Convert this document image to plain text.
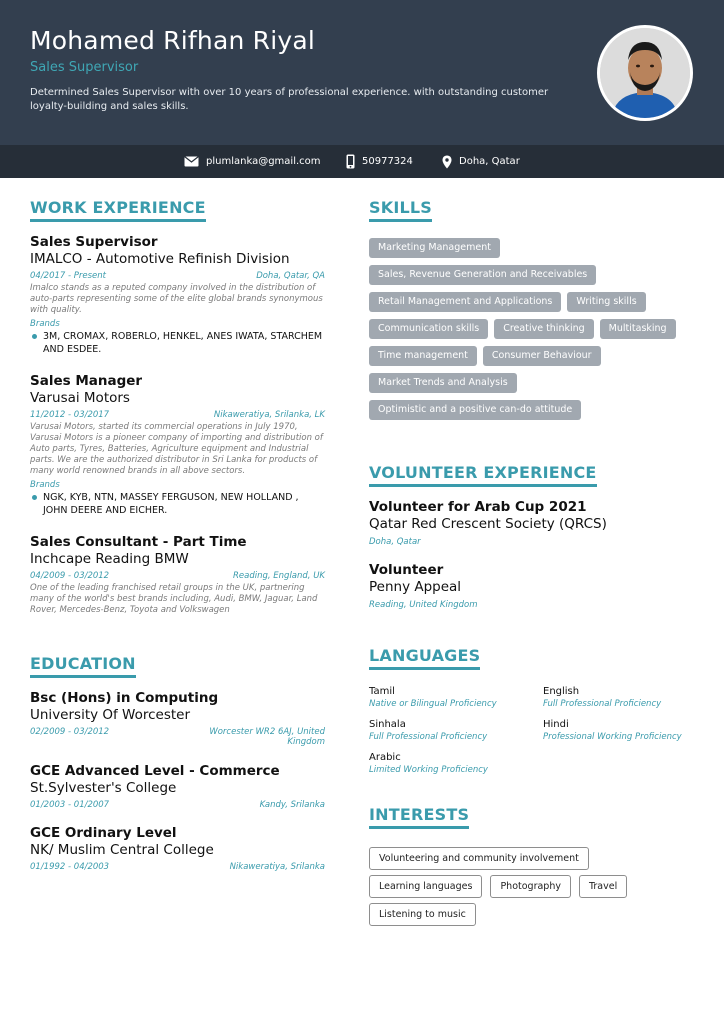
Mohamed Rifhan Riyal
Sales Supervisor
Determined Sales Supervisor with over 10 years of professional experience. with outstanding customer loyalty-building and sales skills.
plumlanka@gmail.com	50977324	Doha, Qatar
WORK EXPERIENCE
Sales Supervisor
IMALCO - Automotive Refinish Division
04/2017 - Present	Doha, Qatar, QA
Imalco stands as a reputed company involved in the distribution of auto-parts representing some of the elite global brands synonymous with quality.
Brands
3M, CROMAX, ROBERLO, HENKEL, ANES IWATA, STARCHEM AND ESDEE.
Sales Manager
Varusai Motors
11/2012 - 03/2017	Nikaweratiya, Srilanka, LK
Varusai Motors, started its commercial operations in July 1970, Varusai Motors is a pioneer company of importing and distribution of Auto parts, Tyres, Batteries, Agriculture equipment and Industrial parts. We are the authorized distributor in Sri Lanka for products of many world renowned brands in all above sectors.
Brands
NGK, KYB, NTN, MASSEY FERGUSON, NEW HOLLAND , JOHN DEERE AND EICHER.
Sales Consultant - Part Time
Inchcape Reading BMW
04/2009 - 03/2012	Reading, England, UK
One of the leading franchised retail groups in the UK, partnering many of the world's best brands including, Audi, BMW, Jaguar, Land Rover, Mercedes-Benz, Toyota and Volkswagen
EDUCATION
Bsc (Hons) in Computing
University Of Worcester
02/2009 - 03/2012	Worcester WR2 6AJ, United Kingdom
GCE Advanced Level - Commerce
St.Sylvester's College
01/2003 - 01/2007	Kandy, Srilanka
GCE Ordinary Level
NK/ Muslim Central College
01/1992 - 04/2003	Nikaweratiya, Srilanka
SKILLS
Marketing Management
Sales, Revenue Generation and Receivables
Retail Management and Applications	Writing skills
Communication skills	Creative thinking	Multitasking
Time management	Consumer Behaviour
Market Trends and Analysis
Optimistic and a positive can-do attitude
VOLUNTEER EXPERIENCE
Volunteer for Arab Cup 2021
Qatar Red Crescent Society (QRCS)
Doha, Qatar
Volunteer
Penny Appeal
Reading, United Kingdom
LANGUAGES
Tamil
Native or Bilingual Proficiency
English
Full Professional Proficiency
Sinhala
Full Professional Proficiency
Hindi
Professional Working Proficiency
Arabic
Limited Working Proficiency
INTERESTS
Volunteering and community involvement
Learning languages	Photography	Travel
Listening to music
